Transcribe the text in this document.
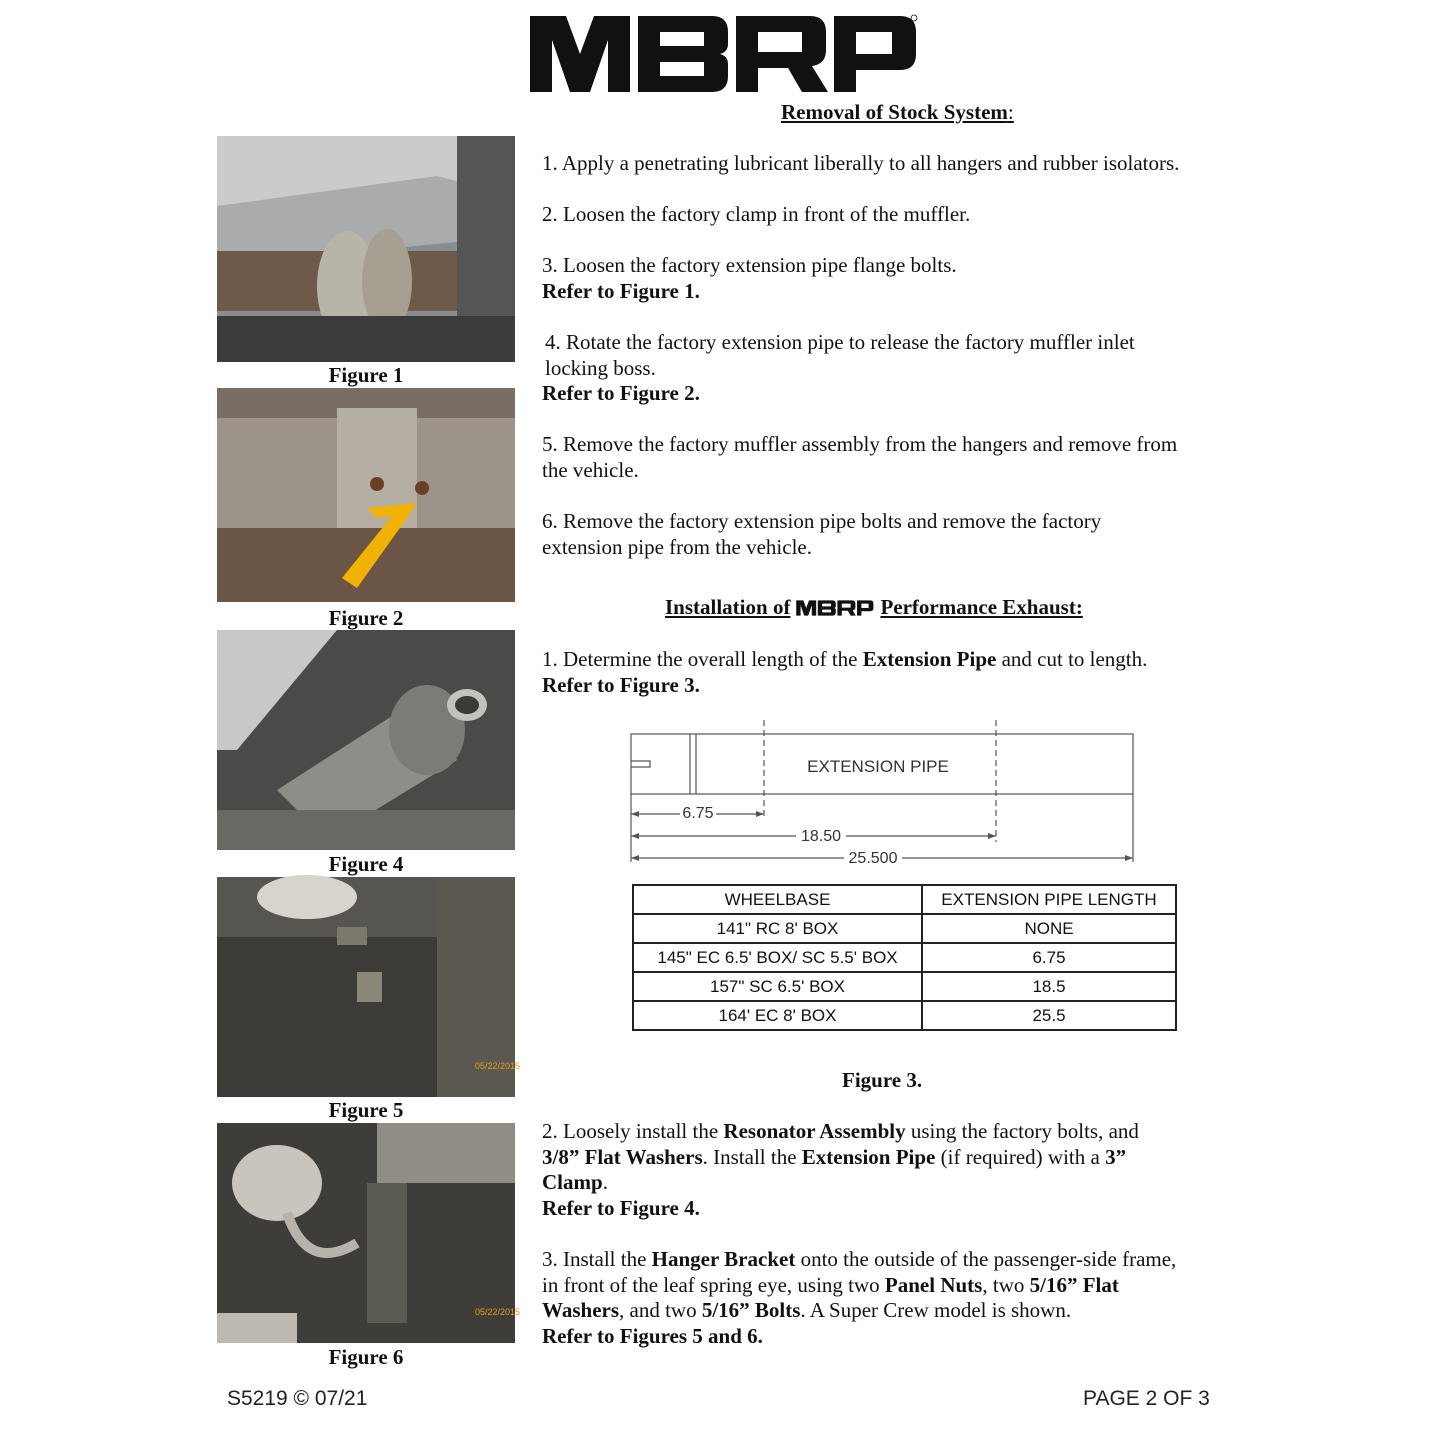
Removal of Stock System:
1. Apply a penetrating lubricant liberally to all hangers and rubber isolators.
2. Loosen the factory clamp in front of the muffler.
3. Loosen the factory extension pipe flange bolts.
Refer to Figure 1.
4. Rotate the factory extension pipe to release the factory muffler inlet
locking boss.
Refer to Figure 2.
5. Remove the factory muffler assembly from the hangers and remove from
the vehicle.
6. Remove the factory extension pipe bolts and remove the factory
extension pipe from the vehicle.
Installation of	Performance Exhaust:
1. Determine the overall length of the Extension Pipe and cut to length.
Refer to Figure 3.
EXTENSION PIPE
6.75
18.50
25.500
WHEELBASE	EXTENSION PIPE LENGTH
141" RC 8' BOX	NONE
145" EC 6.5' BOX/ SC 5.5' BOX	6.75
157" SC 6.5' BOX	18.5
164' EC 8' BOX	25.5
Figure 3.
2. Loosely install the Resonator Assembly using the factory bolts, and
3/8” Flat Washers. Install the Extension Pipe (if required) with a 3”
Clamp.
Refer to Figure 4.
3. Install the Hanger Bracket onto the outside of the passenger-side frame,
in front of the leaf spring eye, using two Panel Nuts, two 5/16” Flat
Washers, and two 5/16” Bolts. A Super Crew model is shown.
Refer to Figures 5 and 6.
Figure 1
Figure 2
Figure 4
05/22/2015
Figure 5
05/22/2015
Figure 6
S5219 © 07/21	PAGE 2 OF 3
